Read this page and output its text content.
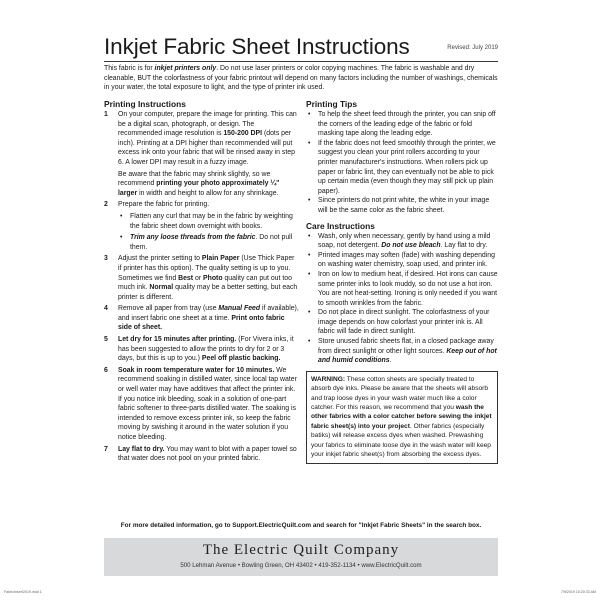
Inkjet Fabric Sheet Instructions	Revised: July 2019
This fabric is for inkjet printers only. Do not use laser printers or color copying machines. The fabric is washable and dry cleanable, BUT the colorfastness of your fabric printout will depend on many factors including the number of washings, chemicals in your water, the total exposure to light, and the type of printer ink used.
Printing Instructions
1 On your computer, prepare the image for printing. This can be a digital scan, photograph, or design. The recommended image resolution is 150-200 DPI (dots per inch). Printing at a DPI higher than recommended will put excess ink onto your fabric that will be rinsed away in step 6. A lower DPI may result in a fuzzy image.

Be aware that the fabric may shrink slightly, so we recommend printing your photo approximately ¼" larger in width and height to allow for any shrinkage.

2 Prepare the fabric for printing.

• Flatten any curl that may be in the fabric by weighting the fabric sheet down overnight with books.
• Trim any loose threads from the fabric. Do not pull them.
3 Adjust the printer setting to Plain Paper (Use Thick Paper if printer has this option). The quality setting is up to you. Sometimes we find Best or Photo quality can put out too much ink. Normal quality may be a better setting, but each printer is different.

4 Remove all paper from tray (use Manual Feed if available), and insert fabric one sheet at a time. Print onto fabric side of sheet.

5 Let dry for 15 minutes after printing. (For Vivera inks, it has been suggested to allow the prints to dry for 2 or 3 days, but this is up to you.) Peel off plastic backing.

6 Soak in room temperature water for 10 minutes. We recommend soaking in distilled water, since local tap water or well water may have additives that affect the printer ink. If you notice ink bleeding, soak in a solution of one-part fabric softener to three-parts distilled water. The soaking is intended to remove excess printer ink, so keep the fabric moving by swishing it around in the water solution if you notice bleeding.

7 Lay flat to dry. You may want to blot with a paper towel so that water does not pool on your printed fabric.

Printing Tips
• To help the sheet feed through the printer, you can snip off the corners of the leading edge of the fabric or fold masking tape along the leading edge.
• If the fabric does not feed smoothly through the printer, we suggest you clean your print rollers according to your printer manufacturer's instructions. When rollers pick up paper or fabric lint, they can eventually not be able to pick up certain media (even though they may still pick up plain paper).
• Since printers do not print white, the white in your image will be the same color as the fabric sheet.
Care Instructions
• Wash, only when necessary, gently by hand using a mild soap, not detergent. Do not use bleach. Lay flat to dry.
• Printed images may soften (fade) with washing depending on washing water chemistry, soap used, and printer ink.
• Iron on low to medium heat, if desired. Hot irons can cause some printer inks to look muddy, so do not use a hot iron. You are not heat-setting. Ironing is only needed if you want to smooth wrinkles from the fabric.
• Do not place in direct sunlight. The colorfastness of your image depends on how colorfast your printer ink is. All fabric will fade in direct sunlight.
• Store unused fabric sheets flat, in a closed package away from direct sunlight or other light sources. Keep out of hot and humid conditions.
WARNING: These cotton sheets are specially treated to absorb dye inks. Please be aware that the sheets will absorb and trap loose dyes in your wash water much like a color catcher. For this reason, we recommend that you wash the other fabrics with a color catcher before sewing the inkjet fabric sheet(s) into your project. Other fabrics (especially batiks) will release excess dyes when washed. Prewashing your fabrics to eliminate loose dye in the wash water will keep your inkjet fabric sheet(s) from absorbing the excess dyes.
For more detailed information, go to Support.ElectricQuilt.com and search for "Inkjet Fabric Sheets" in the search box.
The Electric Quilt Company
500 Lehman Avenue • Bowling Green, OH 43402 • 419-352-1134 • www.ElectricQuilt.com
FabricInsert2019.indd 1	7/9/2019 10:20:33 AM
